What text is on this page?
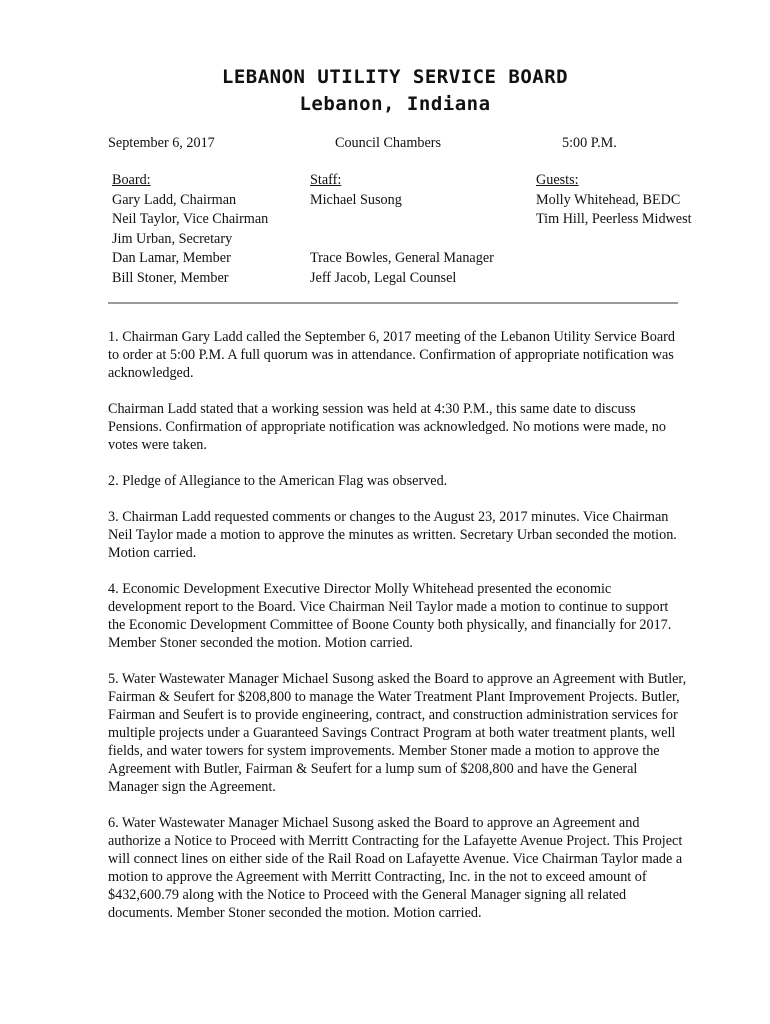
LEBANON UTILITY SERVICE BOARD
Lebanon, Indiana
September 6, 2017	Council Chambers	5:00 P.M.
Board:
Gary Ladd, Chairman
Neil Taylor, Vice Chairman
Jim Urban, Secretary
Dan Lamar, Member
Bill Stoner, Member
Staff:
Michael Susong
Trace Bowles, General Manager
Jeff Jacob, Legal Counsel
Guests:
Molly Whitehead, BEDC
Tim Hill, Peerless Midwest

1. Chairman Gary Ladd called the September 6, 2017 meeting of the Lebanon Utility Service Board to order at 5:00 P.M. A full quorum was in attendance. Confirmation of appropriate notification was acknowledged.

Chairman Ladd stated that a working session was held at 4:30 P.M., this same date to discuss Pensions. Confirmation of appropriate notification was acknowledged. No motions were made, no votes were taken.

2. Pledge of Allegiance to the American Flag was observed.

3. Chairman Ladd requested comments or changes to the August 23, 2017 minutes. Vice Chairman Neil Taylor made a motion to approve the minutes as written. Secretary Urban seconded the motion. Motion carried.

4. Economic Development Executive Director Molly Whitehead presented the economic development report to the Board. Vice Chairman Neil Taylor made a motion to continue to support the Economic Development Committee of Boone County both physically, and financially for 2017. Member Stoner seconded the motion. Motion carried.

5. Water Wastewater Manager Michael Susong asked the Board to approve an Agreement with Butler, Fairman & Seufert for $208,800 to manage the Water Treatment Plant Improvement Projects. Butler, Fairman and Seufert is to provide engineering, contract, and construction administration services for multiple projects under a Guaranteed Savings Contract Program at both water treatment plants, well fields, and water towers for system improvements. Member Stoner made a motion to approve the Agreement with Butler, Fairman & Seufert for a lump sum of $208,800 and have the General Manager sign the Agreement.

6. Water Wastewater Manager Michael Susong asked the Board to approve an Agreement and authorize a Notice to Proceed with Merritt Contracting for the Lafayette Avenue Project. This Project will connect lines on either side of the Rail Road on Lafayette Avenue. Vice Chairman Taylor made a motion to approve the Agreement with Merritt Contracting, Inc. in the not to exceed amount of $432,600.79 along with the Notice to Proceed with the General Manager signing all related documents. Member Stoner seconded the motion. Motion carried.
